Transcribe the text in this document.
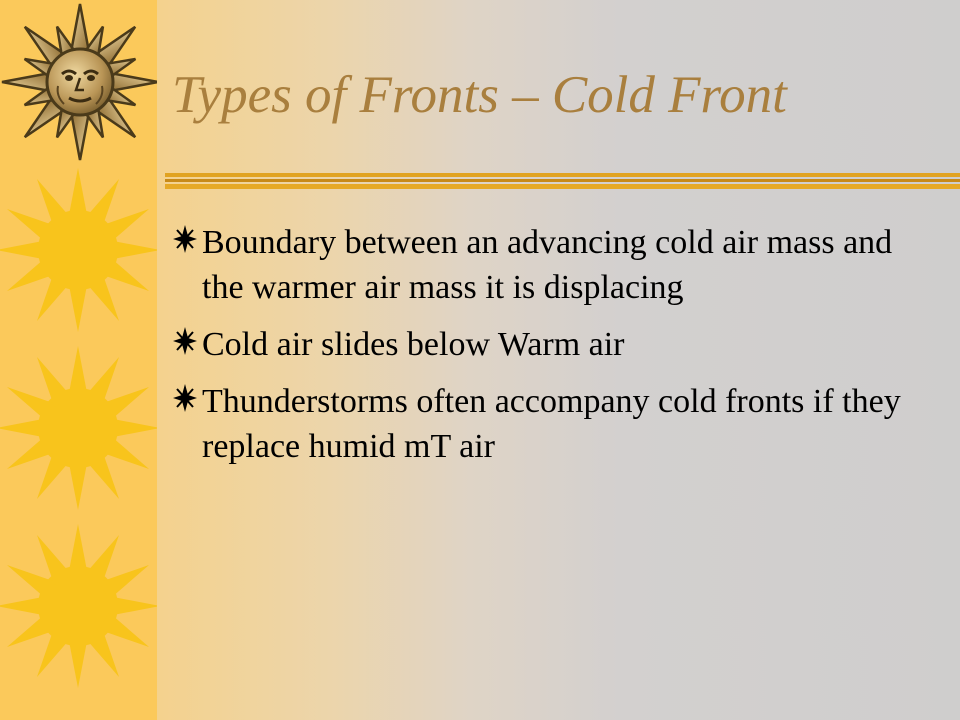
Types of Fronts – Cold Front
Boundary between an advancing cold air mass and the warmer air mass it is displacing
Cold air slides below Warm air
Thunderstorms often accompany cold fronts if they replace humid mT air
